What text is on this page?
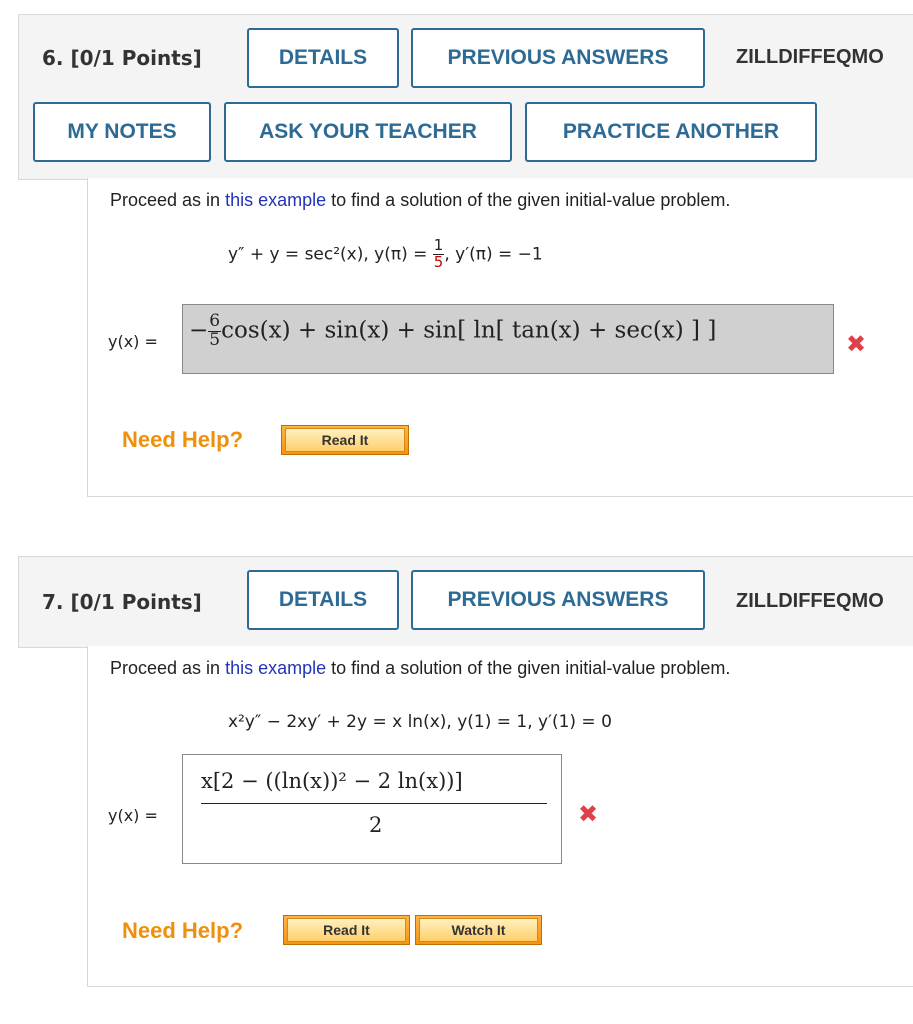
6. [0/1 Points]	DETAILS	PREVIOUS ANSWERS	ZILLDIFFEQMO
MY NOTES	ASK YOUR TEACHER	PRACTICE ANOTHER
Proceed as in this example to find a solution of the given initial-value problem.
y″ + y = sec²(x), $y(\pi) = \frac{1}{5}$ , y′(π) = −1
y(x) = − $\frac{6}{5} \cos(x) + \sin(x) + \sin$[ ln[ tan(x) + sec(x) ] ]	✖
Need Help?	Read It
7. [0/1 Points]	DETAILS	PREVIOUS ANSWERS	ZILLDIFFEQMO
Proceed as in this example to find a solution of the given initial-value problem.
x²y″ − 2xy′ + 2y = x ln(x), y(1) = 1, y′(1) = 0
y(x) =
x[2 − ((ln(x))² − 2 ln(x))]
2	✖
Need Help?	Read It	Watch It
